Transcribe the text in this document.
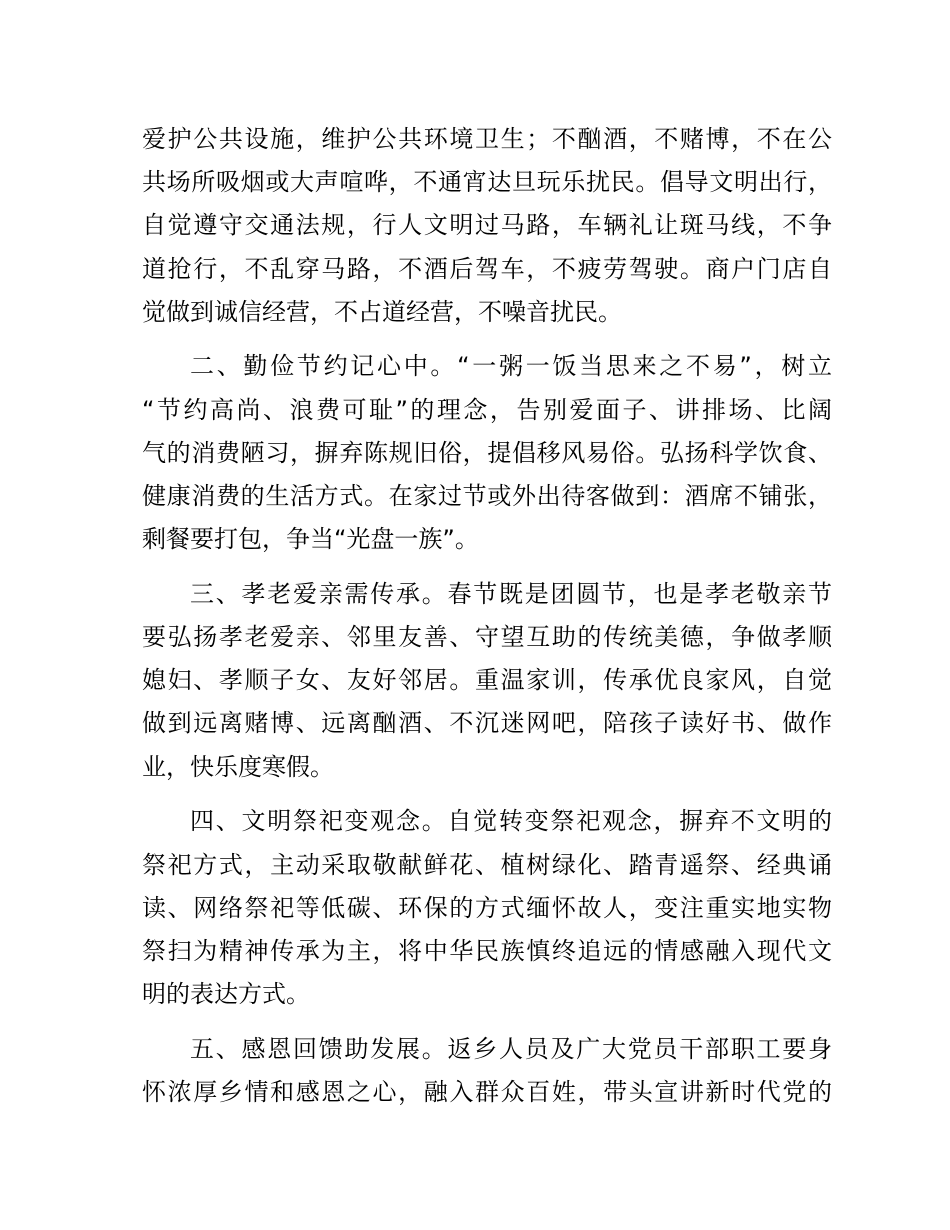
爱护公共设施，维护公共环境卫生；不酗酒，不赌博，不在公
共场所吸烟或大声喧哗，不通宵达旦玩乐扰民。倡导文明出行，
自觉遵守交通法规，行人文明过马路，车辆礼让斑马线，不争
道抢行，不乱穿马路，不酒后驾车，不疲劳驾驶。商户门店自
觉做到诚信经营，不占道经营，不噪音扰民。
二、勤俭节约记心中。“一粥一饭当思来之不易”，树立
“节约高尚、浪费可耻”的理念，告别爱面子、讲排场、比阔
气的消费陋习，摒弃陈规旧俗，提倡移风易俗。弘扬科学饮食、
健康消费的生活方式。在家过节或外出待客做到：酒席不铺张，
剩餐要打包，争当“光盘一族”。
三、孝老爱亲需传承。春节既是团圆节，也是孝老敬亲节
要弘扬孝老爱亲、邻里友善、守望互助的传统美德，争做孝顺
媳妇、孝顺子女、友好邻居。重温家训，传承优良家风，自觉
做到远离赌博、远离酗酒、不沉迷网吧，陪孩子读好书、做作
业，快乐度寒假。
四、文明祭祀变观念。自觉转变祭祀观念，摒弃不文明的
祭祀方式，主动采取敬献鲜花、植树绿化、踏青遥祭、经典诵
读、网络祭祀等低碳、环保的方式缅怀故人，变注重实地实物
祭扫为精神传承为主，将中华民族慎终追远的情感融入现代文
明的表达方式。
五、感恩回馈助发展。返乡人员及广大党员干部职工要身
怀浓厚乡情和感恩之心，融入群众百姓，带头宣讲新时代党的
